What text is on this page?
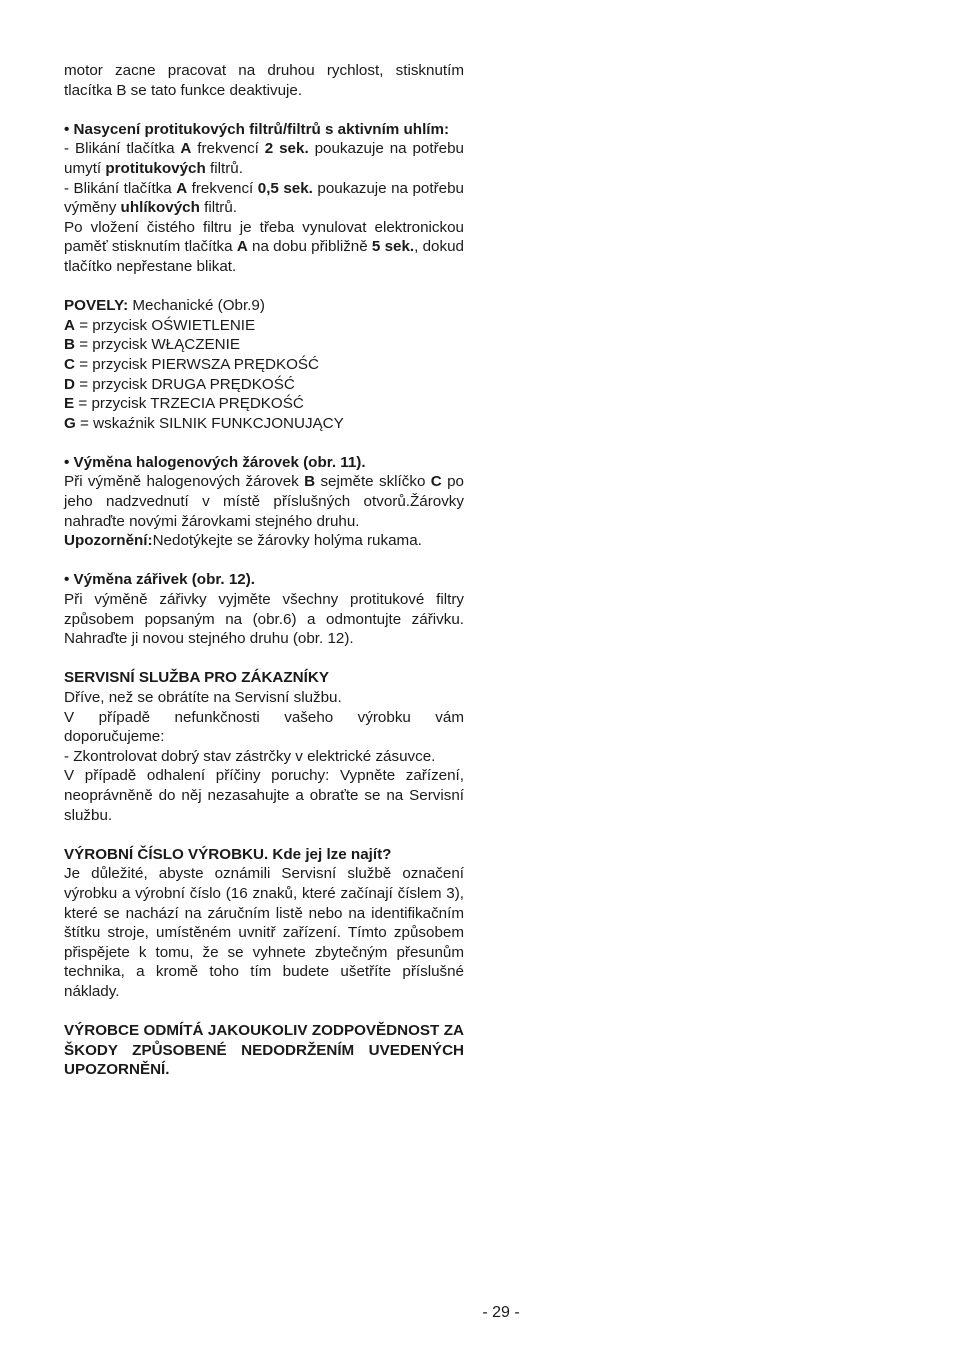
motor zacne pracovat na druhou rychlost, stisknutím tlacítka B se tato funkce deaktivuje.

• Nasycení protitukových filtrů/filtrů s aktivním uhlím:

- Blikání tlačítka A frekvencí 2 sek. poukazuje na potřebu umytí protitukových filtrů.

- Blikání tlačítka A frekvencí 0,5 sek. poukazuje na potřebu výměny uhlíkových filtrů.

Po vložení čistého filtru je třeba vynulovat elektronickou paměť stisknutím tlačítka A na dobu přibližně 5 sek., dokud tlačítko nepřestane blikat.

POVELY: Mechanické (Obr.9)

A = przycisk OŚWIETLENIE

B = przycisk WŁĄCZENIE

C = przycisk PIERWSZA PRĘDKOŚĆ

D = przycisk DRUGA PRĘDKOŚĆ

E = przycisk TRZECIA PRĘDKOŚĆ

G = wskaźnik SILNIK FUNKCJONUJĄCY

• Výměna halogenových žárovek (obr. 11).

Při výměně halogenových žárovek B sejměte sklíčko C po jeho nadzvednutí v místě příslušných otvorů.Žárovky nahraďte novými žárovkami stejného druhu.

Upozornění:Nedotýkejte se žárovky holýma rukama.

• Výměna zářivek (obr. 12).

Při výměně zářivky vyjměte všechny protitukové filtry způsobem popsaným na (obr.6) a odmontujte zářivku. Nahraďte ji novou stejného druhu (obr. 12).

SERVISNÍ SLUŽBA PRO ZÁKAZNÍKY

Dříve, než se obrátíte na Servisní službu.

V případě nefunkčnosti vašeho výrobku vám doporučujeme:

- Zkontrolovat dobrý stav zástrčky v elektrické zásuvce.

V případě odhalení příčiny poruchy: Vypněte zařízení, neoprávněně do něj nezasahujte a obraťte se na Servisní službu.

VÝROBNÍ ČÍSLO VÝROBKU. Kde jej lze najít?

Je důležité, abyste oznámili Servisní službě označení výrobku a výrobní číslo (16 znaků, které začínají číslem 3), které se nachází na záručním listě nebo na identifikačním štítku stroje, umístěném uvnitř zařízení. Tímto způsobem přispějete k tomu, že se vyhnete zbytečným přesunům technika, a kromě toho tím budete ušetříte příslušné náklady.

VÝROBCE ODMÍTÁ JAKOUKOLIV ZODPOVĚDNOST ZA ŠKODY ZPŮSOBENÉ NEDODRŽENÍM UVEDENÝCH UPOZORNĚNÍ.

- 29 -
